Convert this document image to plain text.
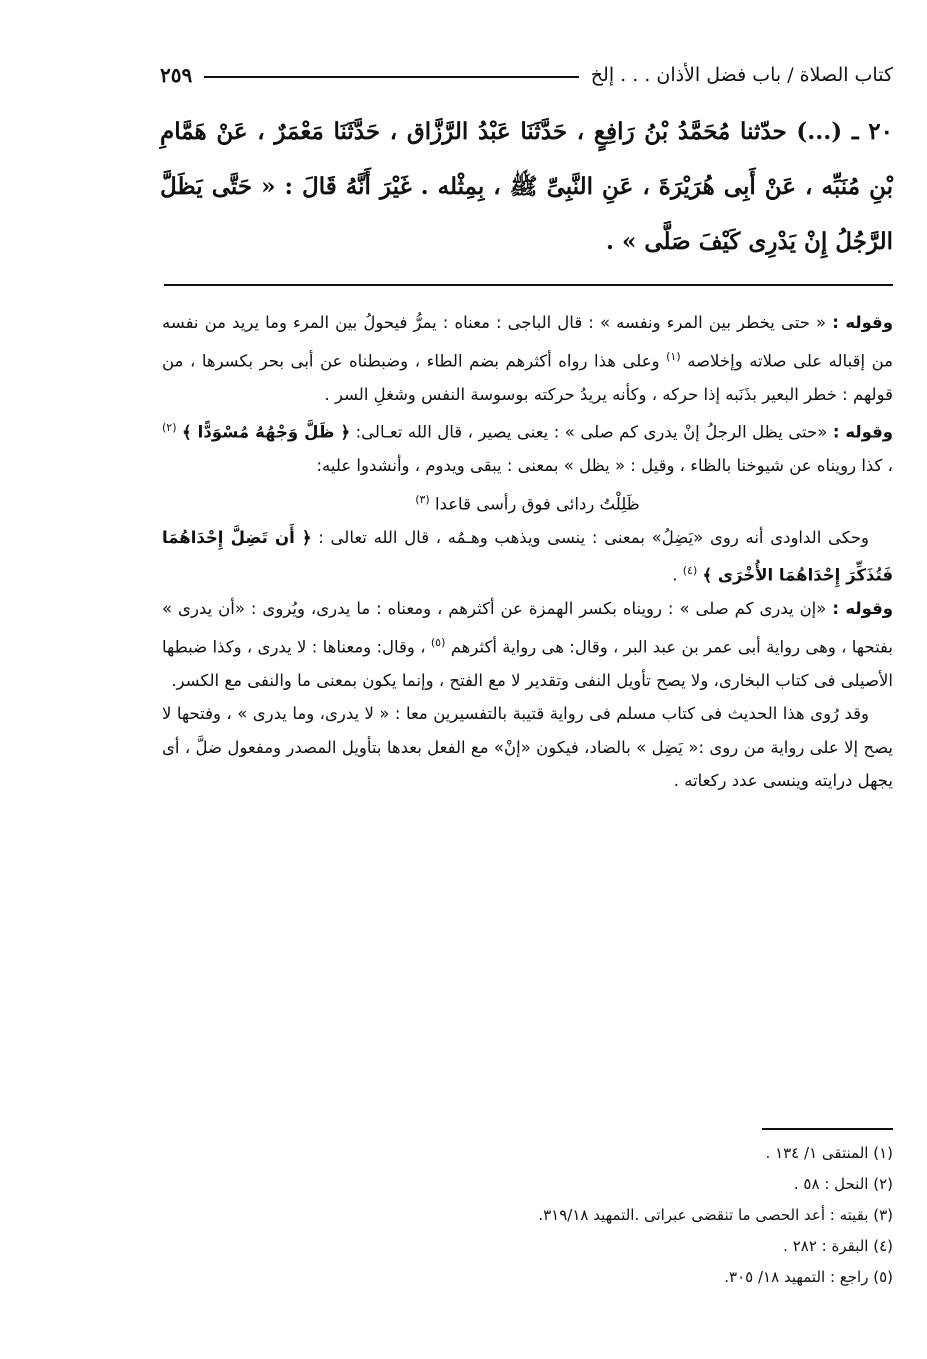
كتاب الصلاة / باب فضل الأذان . . . إلخ
٢٥٩
٢٠ ـ (...) حدّثنا مُحَمَّدُ بْنُ رَافِعٍ ، حَدَّثَنَا عَبْدُ الرَّزَّاق ، حَدَّثَنَا مَعْمَرٌ ، عَنْ هَمَّامِ بْنِ مُنَبِّه ، عَنْ أَبِى هُرَيْرَةَ ، عَنِ النَّبِىِّ ﷺ ، بِمِثْله . غَيْرَ أَنَّهُ قَالَ : « حَتَّى يَظَلَّ الرَّجُلُ إِنْ يَدْرِى كَيْفَ صَلَّى » .

وقوله : « حتى يخطر بين المرء ونفسه » : قال الباجى : معناه : يمرُّ فيحولُ بين المرء وما يريد من نفسه من إقباله على صلاته وإخلاصه $^{(١)}$ وعلى هذا رواه أكثرهم بضم الطاء ، وضبطناه عن أبى بحر بكسرها ، من قولهم : خطر البعير بذَنَبه إذا حركه ، وكأنه يريدُ حركته بوسوسة النفس وشغلِ السر .

وقوله : «حتى يظل الرجلُ إنْ يدرى كم صلى » : يعنى يصير ، قال الله تعـالى: ﴿ ظَلَّ وَجْهُهُ مُسْوَدًّا ﴾ $^{(٢)}$ ، كذا رويناه عن شيوخنا بالظاء ، وقيل : « يظل » بمعنى : يبقى ويدوم ، وأنشدوا عليه:

ظَلِلْتُ ردائى فوق رأسى قاعدا $^{(٣)}$

وحكى الداودى أنه روى «يَضِلُ» بمعنى : ينسى ويذهب وهـمُه ، قال الله تعالى : ﴿ أَن تَضِلَّ إِحْدَاهُمَا فَتُذَكِّرَ إِحْدَاهُمَا الأُخْرَى ﴾ $^{(٤)}$ .

وقوله : «إن يدرى كم صلى » : رويناه بكسر الهمزة عن أكثرهم ، ومعناه : ما يدرى، ويُروى : «أن يدرى » بفتحها ، وهى رواية أبى عمر بن عبد البر ، وقال: هى رواية أكثرهم $^{(٥)}$ ، وقال: ومعناها : لا يدرى ، وكذا ضبطها الأصيلى فى كتاب البخارى، ولا يصح تأويل النفى وتقدير لا مع الفتح ، وإنما يكون بمعنى ما والنفى مع الكسر.

وقد رُوى هذا الحديث فى كتاب مسلم فى رواية قتيبة بالتفسيرين معا : « لا يدرى، وما يدرى » ، وفتحها لا يصح إلا على رواية من روى :« يَضِل » بالضاد، فيكون «إنْ» مع الفعل بعدها بتأويل المصدر ومفعول ضلَّ ، أى يجهل درايته وينسى عدد ركعاته .

(١) المنتقى ١/ ١٣٤ .

(٢) النحل : ٥٨ .

(٣) بقيته : أعد الحصى ما تنقضى عبراتى .التمهيد ٣١٩/١٨.

(٤) البقرة : ٢٨٢ .

(٥) راجع : التمهيد ١٨/ ٣٠٥.
